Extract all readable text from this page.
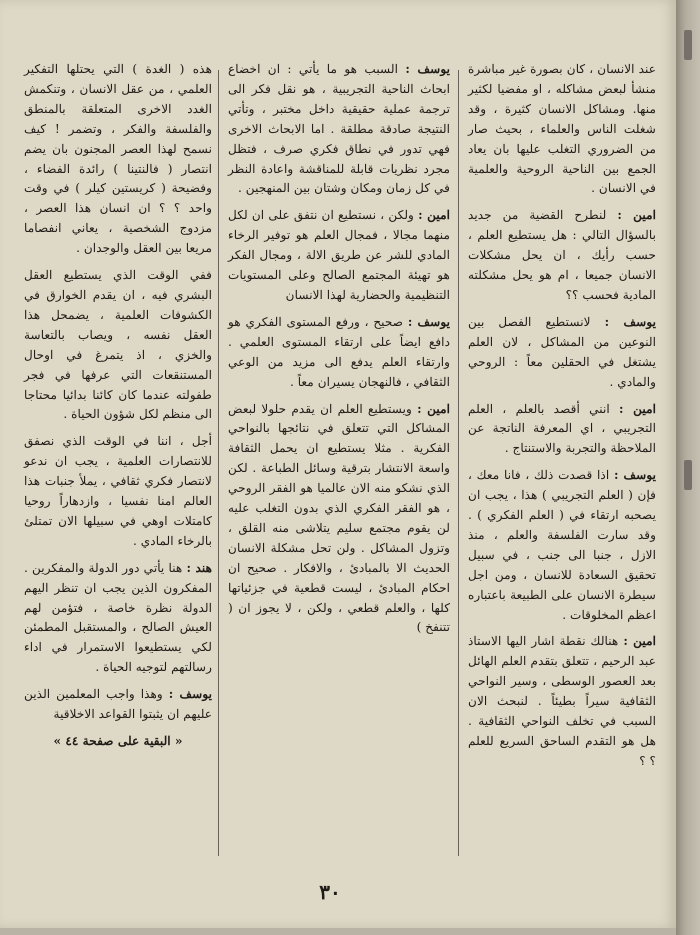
عند الانسان ، كان بصورة غير مباشرة منشأ لبعض مشاكله ، او مفضيا لكثير منها. ومشاكل الانسان كثيرة ، وقد شغلت الناس والعلماء ، بحيث صار من الضروري التغلب عليها بان يعاد الجمع بين الناحية الروحية والعلمية في الانسان .

امين : لنطرح القضية من جديد بالسؤال التالي : هل يستطيع العلم ، حسب رأيك ، ان يحل مشكلات الانسان جميعا ، ام هو يحل مشكلته المادية فحسب ؟؟

يوسف : لانستطيع الفصل بين النوعين من المشاكل ، لان العلم يشتغل في الحقلين معاً : الروحي والمادي .

امين : انني أقصد بالعلم ، العلم التجريبي ، اي المعرفة الناتجة عن الملاحظة والتجربة والاستنتاج .

يوسف : اذا قصدت ذلك ، فانا معك ، فإن ( العلم التجريبي ) هذا ، يجب ان يصحبه ارتقاء في ( العلم الفكري ) . وقد سارت الفلسفة والعلم ، منذ الازل ، جنبا الى جنب ، في سبيل تحقيق السعادة للانسان ، ومن اجل سيطرة الانسان على الطبيعة باعتباره اعظم المخلوقات .

امين : هنالك نقطة اشار اليها الاستاذ عبد الرحيم ، تتعلق بتقدم العلم الهائل بعد العصور الوسطى ، وسير النواحي الثقافية سيراً بطيئاً . لنبحث الان السبب في تخلف النواحي الثقافية . هل هو التقدم الساحق السريع للعلم ؟ ؟

يوسف : السبب هو ما يأتي : ان اخضاع ابحاث الناحية التجريبية ، هو نقل فكر الى ترجمة عملية حقيقية داخل مختبر ، وتأتي النتيجة صادقة مطلقة . اما الابحاث الاخرى فهي تدور في نطاق فكري صرف ، فتظل مجرد نظريات قابلة للمناقشة واعادة النظر في كل زمان ومكان وشتان بين المنهجين .

امين : ولكن ، نستطيع ان نتفق على ان لكل منهما مجالا ، فمجال العلم هو توفير الرخاء المادي للشر عن طريق الالة ، ومجال الفكر هو تهيئة المجتمع الصالح وعلى المستويات التنظيمية والحضارية لهذا الانسان

يوسف : صحيح ، ورفع المستوى الفكري هو دافع ايضاً على ارتقاء المستوى العلمي . وارتقاء العلم يدفع الى مزيد من الوعي الثقافي ، فالنهجان يسيران معاً .

امين : ويستطيع العلم ان يقدم حلولا لبعض المشاكل التي تتعلق في نتائجها بالنواحي الفكرية . مثلا يستطيع ان يحمل الثقافة واسعة الانتشار بترقية وسائل الطباعة . لكن الذي نشكو منه الان عالميا هو الفقر الروحي ، هو الفقر الفكري الذي بدون التغلب عليه لن يقوم مجتمع سليم يتلاشى منه القلق ، وتزول المشاكل . ولن تحل مشكلة الانسان الحديث الا بالمبادئ ، والافكار . صحيح ان احكام المبادئ ، ليست قطعية في جزئياتها كلها ، والعلم قطعي ، ولكن ، لا يجوز ان ( تتنفخ )

هذه ( الغدة ) التي يحتلها التفكير العلمي ، من عقل الانسان ، وتنكمش الغدد الاخرى المتعلقة بالمنطق والفلسفة والفكر ، وتضمر ! كيف نسمح لهذا العصر المجنون بان يضم انتصار ( فالنتينا ) رائدة الفضاء ، وفضيحة ( كريستين كيلر ) في وقت واحد ؟ ؟ ان انسان هذا العصر ، مزدوج الشخصية ، يعاني انفصاما مريعا بين العقل والوجدان .

ففي الوقت الذي يستطيع العقل البشري فيه ، ان يقدم الخوارق في الكشوفات العلمية ، يضمحل هذا العقل نفسه ، ويصاب بالتعاسة والخزي ، اذ يتمرغ في اوحال المستنقعات التي عرفها في فجر طفولته عندما كان كائنا بدائيا محتاجا الى منظم لكل شؤون الحياة .

أجل ، اننا في الوقت الذي نصفق للانتصارات العلمية ، يجب ان ندعو لانتصار فكري ثقافي ، يملأ جنبات هذا العالم امنا نفسيا ، وازدهاراً روحيا كامتلات اوهي في سبيلها الان تمتلئ بالرخاء المادي .

هند : هنا يأتي دور الدولة والمفكرين . المفكرون الذين يجب ان تنظر اليهم الدولة نظرة خاصة ، فتؤمن لهم العيش الصالح ، والمستقبل المطمئن لكي يستطيعوا الاستمرار في اداء رسالتهم لتوجيه الحياة .

يوسف : وهذا واجب المعلمين الذين عليهم ان يثبتوا القواعد الاخلاقية

« البقية على صفحة ٤٤ »

٣٠
